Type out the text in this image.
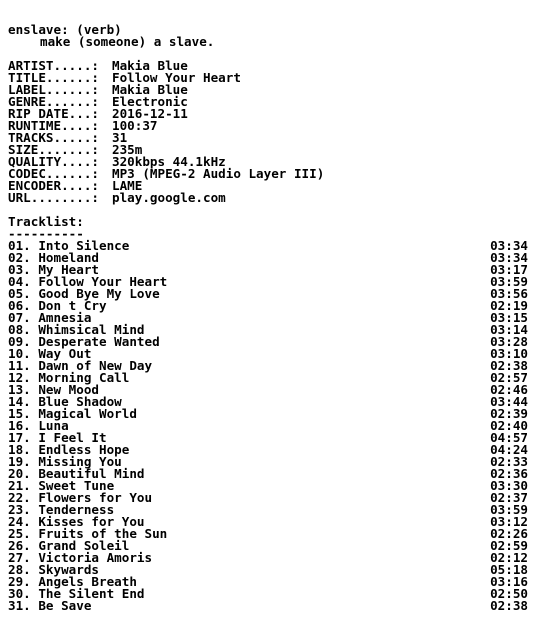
enslave: (verb)
make (someone) a slave.
ARTIST.....:	Makia Blue
TITLE......:	Follow Your Heart
LABEL......:	Makia Blue
GENRE......:	Electronic
RIP DATE...:	2016-12-11
RUNTIME....:	100:37
TRACKS.....:	31
SIZE.......:	235m
QUALITY....:	320kbps 44.1kHz
CODEC......:	MP3 (MPEG-2 Audio Layer III)
ENCODER....:	LAME
URL........:	play.google.com
Tracklist:
----------
01. Into Silence	03:34
02. Homeland	03:34
03. My Heart	03:17
04. Follow Your Heart	03:59
05. Good Bye My Love	03:56
06. Don t Cry	02:19
07. Amnesia	03:15
08. Whimsical Mind	03:14
09. Desperate Wanted	03:28
10. Way Out	03:10
11. Dawn of New Day	02:38
12. Morning Call	02:57
13. New Mood	02:46
14. Blue Shadow	03:44
15. Magical World	02:39
16. Luna	02:40
17. I Feel It	04:57
18. Endless Hope	04:24
19. Missing You	02:33
20. Beautiful Mind	02:36
21. Sweet Tune	03:30
22. Flowers for You	02:37
23. Tenderness	03:59
24. Kisses for You	03:12
25. Fruits of the Sun	02:26
26. Grand Soleil	02:59
27. Victoria Amoris	02:12
28. Skywards	05:18
29. Angels Breath	03:16
30. The Silent End	02:50
31. Be Save	02:38
